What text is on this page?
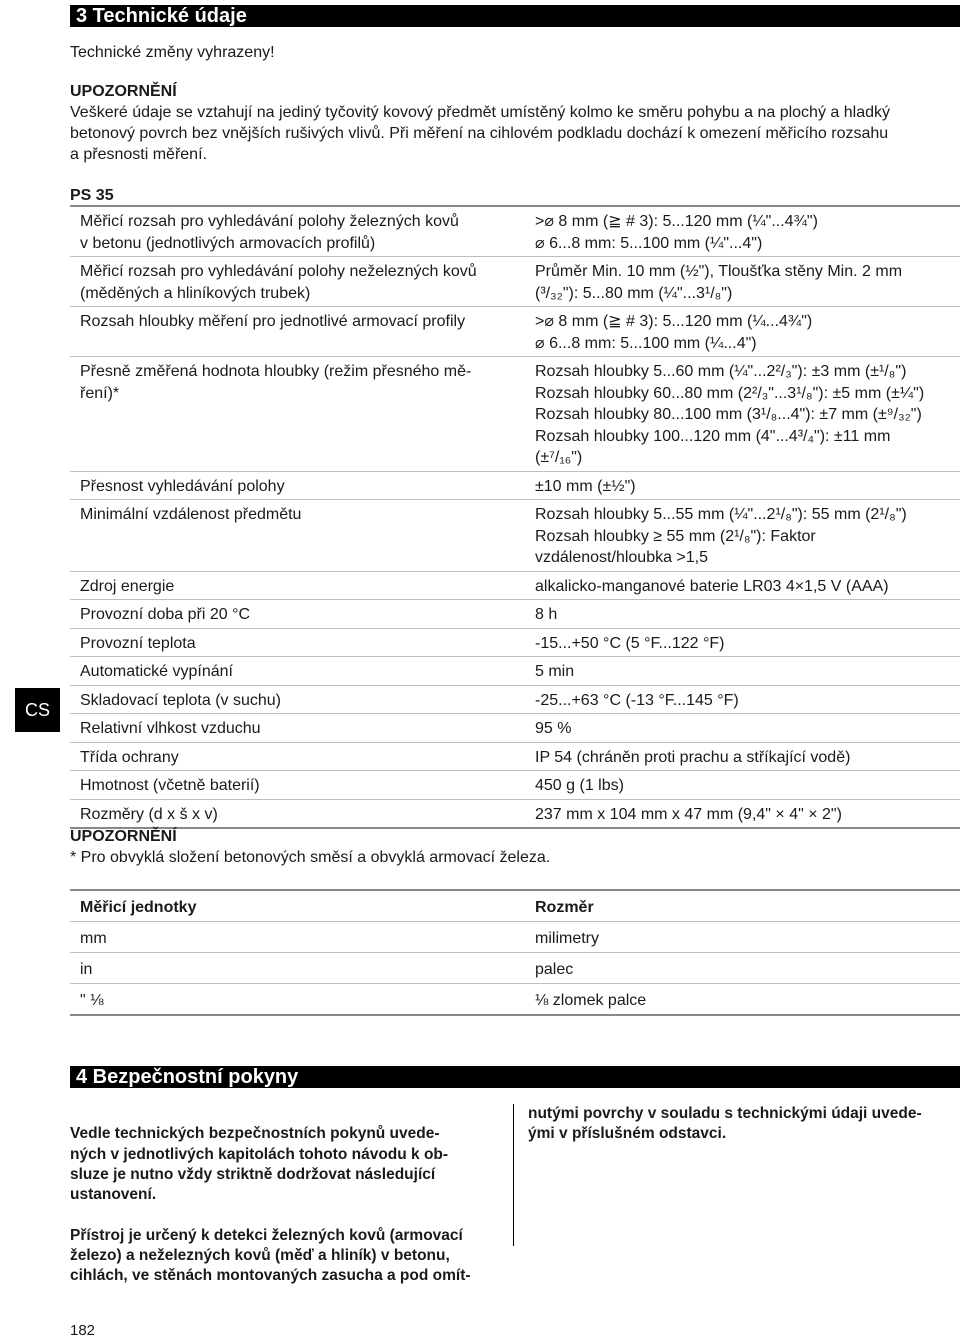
3 Technické údaje
Technické změny vyhrazeny!
UPOZORNĚNÍ
Veškeré údaje se vztahují na jediný tyčovitý kovový předmět umístěný kolmo ke směru pohybu a na plochý a hladký
betonový povrch bez vnějších rušivých vlivů. Při měření na cihlovém podkladu dochází k omezení měřicího rozsahu
a přesnosti měření.
PS 35
Měřicí rozsah pro vyhledávání polohy železných kovů
v betonu (jednotlivých armovacích profilů)	>⌀ 8 mm (≧ # 3): 5...120 mm (¼"...4¾")
⌀ 6...8 mm: 5...100 mm (¼"...4")
Měřicí rozsah pro vyhledávání polohy neželezných kovů
(měděných a hliníkových trubek)	Průměr Min. 10 mm (½"), Tloušťka stěny Min. 2 mm
(³/₃₂"): 5...80 mm (¼"...3¹/₈")
Rozsah hloubky měření pro jednotlivé armovací profily	>⌀ 8 mm (≧ # 3): 5...120 mm (¼...4¾")
⌀ 6...8 mm: 5...100 mm (¼...4")
Přesně změřená hodnota hloubky (režim přesného mě-
ření)*	Rozsah hloubky 5...60 mm (¼"...2²/₃"): ±3 mm (±¹/₈")
Rozsah hloubky 60...80 mm (2²/₃"...3¹/₈"): ±5 mm (±¼")
Rozsah hloubky 80...100 mm (3¹/₈...4"): ±7 mm (±⁹/₃₂")
Rozsah hloubky 100...120 mm (4"...4³/₄"): ±11 mm
(±⁷/₁₆")
Přesnost vyhledávání polohy	±10 mm (±½")
Minimální vzdálenost předmětu	Rozsah hloubky 5...55 mm (¼"...2¹/₈"): 55 mm (2¹/₈")
Rozsah hloubky ≥ 55 mm (2¹/₈"): Faktor
vzdálenost/hloubka >1,5
Zdroj energie	alkalicko-manganové baterie LR03 4×1,5 V (AAA)
Provozní doba při 20 °C	8 h
Provozní teplota	-15...+50 °C (5 °F...122 °F)
Automatické vypínání	5 min
Skladovací teplota (v suchu)	-25...+63 °C (-13 °F...145 °F)
Relativní vlhkost vzduchu	95 %
Třída ochrany	IP 54 (chráněn proti prachu a stříkající vodě)
Hmotnost (včetně baterií)	450 g (1 lbs)
Rozměry (d x š x v)	237 mm x 104 mm x 47 mm (9,4" × 4" × 2")
CS
UPOZORNĚNÍ
* Pro obvyklá složení betonových směsí a obvyklá armovací železa.
Měřicí jednotky	Rozměr
mm	milimetry
in	palec
" ⅛	⅛ zlomek palce
4 Bezpečnostní pokyny

Vedle technických bezpečnostních pokynů uvede-
ných v jednotlivých kapitolách tohoto návodu k ob-
sluze je nutno vždy striktně dodržovat následující
ustanovení.

Přístroj je určený k detekci železných kovů (armovací
železo) a neželezných kovů (měď a hliník) v betonu,
cihlách, ve stěnách montovaných zasucha a pod omít-

nutými povrchy v souladu s technickými údaji uvede-
ými v příslušném odstavci.
182
